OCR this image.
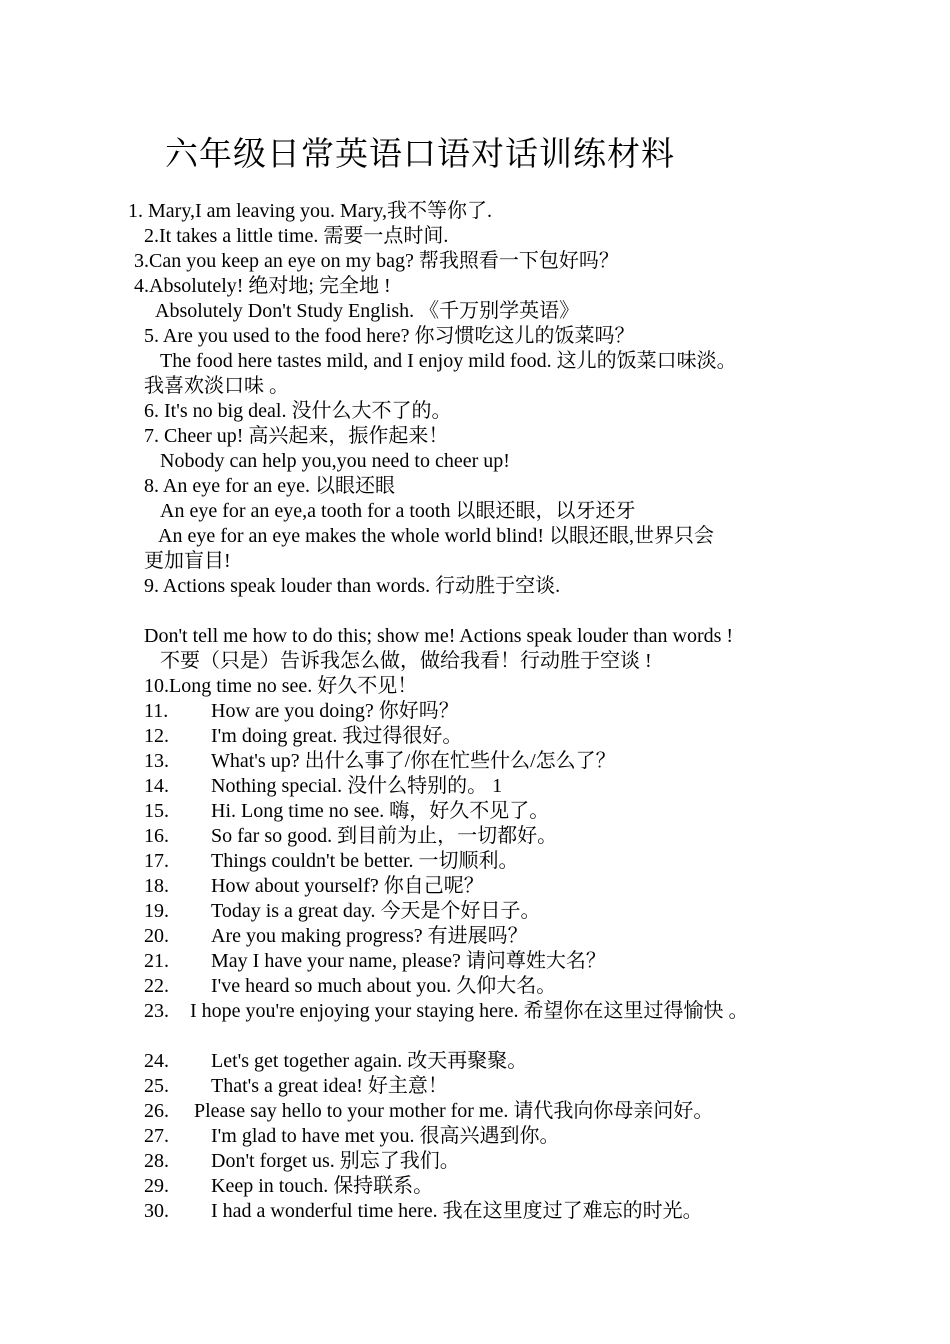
六年级日常英语口语对话训练材料
1. Mary,I am leaving you. Mary,我不等你了.
2.It takes a little time. 需要一点时间.
3.Can you keep an eye on my bag? 帮我照看一下包好吗？
4.Absolutely! 绝对地; 完全地 !
Absolutely Don't Study English. 《千万别学英语》
5. Are you used to the food here? 你习惯吃这儿的饭菜吗？
The food here tastes mild, and I enjoy mild food. 这儿的饭菜口味淡。
我喜欢淡口味 。
6. It's no big deal. 没什么大不了的。
7. Cheer up! 高兴起来，振作起来！
Nobody can help you,you need to cheer up!
8. An eye for an eye. 以眼还眼
An eye for an eye,a tooth for a tooth 以眼还眼，以牙还牙
An eye for an eye makes the whole world blind! 以眼还眼,世界只会
更加盲目!
9. Actions speak louder than words. 行动胜于空谈.
Don't tell me how to do this; show me! Actions speak louder than words !
不要（只是）告诉我怎么做，做给我看！行动胜于空谈 !
10.Long time no see. 好久不见！
11. How are you doing? 你好吗？
12. I'm doing great. 我过得很好。
13. What's up? 出什么事了/你在忙些什么/怎么了？
14. Nothing special. 没什么特别的。 1
15. Hi. Long time no see. 嗨，好久不见了。
16. So far so good. 到目前为止，一切都好。
17. Things couldn't be better. 一切顺利。
18. How about yourself? 你自己呢？
19. Today is a great day. 今天是个好日子。
20. Are you making progress? 有进展吗？
21. May I have your name, please? 请问尊姓大名？
22. I've heard so much about you. 久仰大名。
23. I hope you're enjoying your staying here. 希望你在这里过得愉快 。
24. Let's get together again. 改天再聚聚。
25. That's a great idea! 好主意！
26. Please say hello to your mother for me. 请代我向你母亲问好。
27. I'm glad to have met you. 很高兴遇到你。
28. Don't forget us. 别忘了我们。
29. Keep in touch. 保持联系。
30. I had a wonderful time here. 我在这里度过了难忘的时光。
